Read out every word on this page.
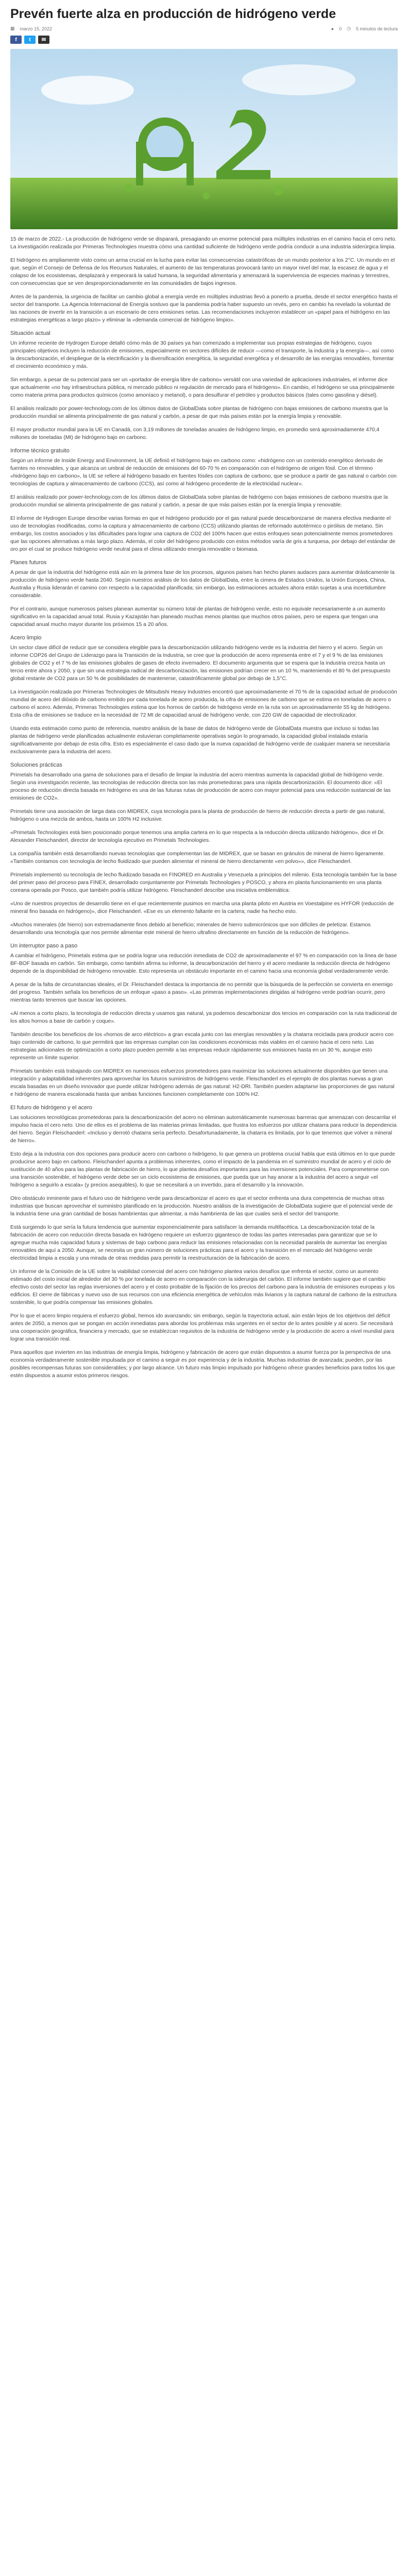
Prevén fuerte alza en producción de hidrógeno verde
▦ marzo 15, 2022	● 0 ◷ 5 minutos de lectura
f	t	✉

15 de marzo de 2022.- La producción de hidrógeno verde se disparará, presagiando un enorme potencial para múltiples industrias en el camino hacia el cero neto. La investigación realizada por Primeras Technologies muestra cómo una cantidad suficiente de hidrógeno verde podría conducir a una industria siderúrgica limpia.

El hidrógeno es ampliamente visto como un arma crucial en la lucha para evitar las consecuencias catastróficas de un mundo posterior a los 2°C. Un mundo en el que, según el Consejo de Defensa de los Recursos Naturales, el aumento de las temperaturas provocará tanto un mayor nivel del mar, la escasez de agua y el colapso de los ecosistemas, desplazará y empeorará la salud humana, la seguridad alimentaria y amenazará la supervivencia de especies marinas y terrestres, con consecuencias que se ven desproporcionadamente en las comunidades de bajos ingresos.

Antes de la pandemia, la urgencia de facilitar un cambio global a energía verde en múltiples industrias llevó a ponerlo a prueba, desde el sector energético hasta el sector del transporte. La Agencia Internacional de Energía sostuvo que la pandemia podría haber supuesto un revés, pero en cambio ha revelado la voluntad de las naciones de invertir en la transición a un escenario de cero emisiones netas. Las recomendaciones incluyeron establecer un «papel para el hidrógeno en las estrategias energéticas a largo plazo» y eliminar la «demanda comercial de hidrógeno limpio».

Situación actual

Un informe reciente de Hydrogen Europe detalló cómo más de 30 países ya han comenzado a implementar sus propias estrategias de hidrógeno, cuyos principales objetivos incluyen la reducción de emisiones, especialmente en sectores difíciles de reducir —como el transporte, la industria y la energía—, así como la descarbonización, el despliegue de la electrificación y la diversificación energética, la seguridad energética y el desarrollo de las energías renovables, fomentar el crecimiento económico y más.

Sin embargo, a pesar de su potencial para ser un «portador de energía libre de carbono» versátil con una variedad de aplicaciones industriales, el informe dice que actualmente «no hay infraestructura pública, ni mercado público ni regulación de mercado para el hidrógeno». En cambio, el hidrógeno se usa principalmente como materia prima para productos químicos (como amoníaco y metanol), o para desulfurar el petróleo y productos básicos (tales como gasolina y diésel).

El análisis realizado por power-technology.com de los últimos datos de GlobalData sobre plantas de hidrógeno con bajas emisiones de carbono muestra que la producción mundial se alimenta principalmente de gas natural y carbón, a pesar de que más países están por la energía limpia y renovable.

El mayor productor mundial para la UE en Canadá, con 3,19 millones de toneladas anuales de hidrógeno limpio, en promedio será aproximadamente 470,4 millones de toneladas (Mt) de hidrógeno bajo en carbono.

Informe técnico gratuito

Según un informe de Inside Energy and Environment, la UE definió el hidrógeno bajo en carbono como: «hidrógeno con un contenido energético derivado de fuentes no renovables, y que alcanza un umbral de reducción de emisiones del 60-70 % en comparación con el hidrógeno de origen fósil. Con el término «hidrógeno bajo en carbono», la UE se refiere al hidrógeno basado en fuentes fósiles con captura de carbono, que se produce a partir de gas natural o carbón con tecnologías de captura y almacenamiento de carbono (CCS), así como al hidrógeno procedente de la electricidad nuclear».

El análisis realizado por power-technology.com de los últimos datos de GlobalData sobre plantas de hidrógeno con bajas emisiones de carbono muestra que la producción mundial se alimenta principalmente de gas natural y carbón, a pesar de que más países están por la energía limpia y renovable.

El informe de Hydrogen Europe describe varias formas en que el hidrógeno producido por el gas natural puede descarbonizarse de manera efectiva mediante el uso de tecnologías modificadas, como la captura y almacenamiento de carbono (CCS) utilizando plantas de reformado autotérmico o pirólisis de metano. Sin embargo, los costos asociados y las dificultades para lograr una captura de CO2 del 100% hacen que estos enfoques sean potencialmente menos prometedores que las opciones alternativas a más largo plazo. Además, el color del hidrógeno producido con estos métodos varía de gris a turquesa, por debajo del estándar de oro por el cual se produce hidrógeno verde neutral para el clima utilizando energía renovable o biomasa.

Planes futuros

A pesar de que la industria del hidrógeno está aún en la primera fase de los procesos, algunos países han hecho planes audaces para aumentar drásticamente la producción de hidrógeno verde hasta 2040. Según nuestros análisis de los datos de GlobalData, entre la cimera de Estados Unidos, la Unión Europea, China, Australia y Rusia liderarán el camino con respecto a la capacidad planificada; sin embargo, las estimaciones actuales ahora están sujetas a una incertidumbre considerable.

Por el contrario, aunque numerosos países planean aumentar su número total de plantas de hidrógeno verde, esto no equivale necesariamente a un aumento significativo en la capacidad anual total. Rusia y Kazajstán han planeado muchas menos plantas que muchos otros países, pero se espera que tengan una capacidad anual mucho mayor durante los próximos 15 a 20 años.

Acero limpio

Un sector clave difícil de reducir que se considera elegible para la descarbonización utilizando hidrógeno verde es la industria del hierro y el acero. Según un informe COP26 del Grupo de Liderazgo para la Transición de la Industria, se cree que la producción de acero representa entre el 7 y el 9 % de las emisiones globales de CO2 y el 7 % de las emisiones globales de gases de efecto invernadero. El documento argumenta que se espera que la industria crezca hasta un tercio entre ahora y 2050, y que sin una estrategia radical de descarbonización, las emisiones podrían crecer en un 10 %, manteniendo el 80 % del presupuesto global restante de CO2 para un 50 % de posibilidades de mantenerse, catastróficamente global por debajo de 1,5°C.

La investigación realizada por Primeras Technologies de Mitsubishi Heavy Industries encontró que aproximadamente el 70 % de la capacidad actual de producción mundial de acero del dióxido de carbono emitido por cada tonelada de acero producida, la cifra de emisiones de carbono que se estima en toneladas de acero o carbono el acero. Además, Primeras Technologies estima que los hornos de carbón de hidrógeno verde en la ruta son un aproximadamente 55 kg de hidrógeno. Esta cifra de emisiones se traduce en la necesidad de 72 Mt de capacidad anual de hidrógeno verde, con 220 GW de capacidad de electrolizador.

Usando esta estimación como punto de referencia, nuestro análisis de la base de datos de hidrógeno verde de GlobalData muestra que incluso si todas las plantas de hidrógeno verde planificadas actualmente estuvieran completamente operativas según lo programado, la capacidad global instalada estaría significativamente por debajo de esta cifra. Esto es especialmente el caso dado que la nueva capacidad de hidrógeno verde de cualquier manera se necesitaría exclusivamente para la industria del acero.

Soluciones prácticas

Primetals ha desarrollado una gama de soluciones para el desafío de limpiar la industria del acero mientras aumenta la capacidad global de hidrógeno verde. Según una investigación reciente, las tecnologías de reducción directa son las más prometedoras para una rápida descarbonización. El documento dice: «El proceso de reducción directa basada en hidrógeno es una de las futuras rutas de producción de acero con mayor potencial para una reducción sustancial de las emisiones de CO2».

Primetals tiene una asociación de larga data con MIDREX, cuya tecnología para la planta de producción de hierro de reducción directa a partir de gas natural, hidrógeno o una mezcla de ambos, hasta un 100% H2 inclusive.

«Primetals Technologies está bien posicionado porque tenemos una amplia cartera en lo que respecta a la reducción directa utilizando hidrógeno», dice el Dr. Alexander Fleischanderl, director de tecnología ejecutivo en Primetals Technologies.

La compañía también está desarrollando nuevas tecnologías que complementan las de MIDREX, que se basan en gránulos de mineral de hierro ligeramente. «También contamos con tecnología de lecho fluidizado que pueden alimentar el mineral de hierro directamente «en polvo»», dice Fleischanderl.

Primetals implementó su tecnología de lecho fluidizado basada en FINORED en Australia y Venezuela a principios del milenio. Esta tecnología también fue la base del primer paso del proceso para FINEX, desarrollado conjuntamente por Primetals Technologies y POSCO, y ahora en planta funcionamiento en una planta coreana operada por Posco, que también podría utilizar hidrógeno. Fleischanderl describe una iniciativa emblemática:

«Uno de nuestros proyectos de desarrollo tiene en el que recientemente pusimos en marcha una planta piloto en Austria en Voestalpine es HYFOR (reducción de mineral fino basada en hidrógeno)», dice Fleischanderl. «Ese es un elemento faltante en la cartera; nadie ha hecho esto.

«Muchos minerales (de hierro) son extremadamente finos debido al beneficio; minerales de hierro submicrónicos que son difíciles de peletizar. Estamos desarrollando una tecnología que nos permite alimentar este mineral de hierro ultrafino directamente en función de la reducción de hidrógeno».

Un interruptor paso a paso

A cambiar el hidrógeno, Primetals estima que se podría lograr una reducción inmediata de CO2 de aproximadamente el 97 % en comparación con la línea de base BF-BOF basada en carbón. Sin embargo, como también afirma su informe, la descarbonización del hierro y el acero mediante la reducción directa de hidrógeno depende de la disponibilidad de hidrógeno renovable. Esto representa un obstáculo importante en el camino hacia una economía global verdaderamente verde.

A pesar de la falta de circunstancias ideales, el Dr. Fleischanderl destaca la importancia de no permitir que la búsqueda de la perfección se convierta en enemigo del progreso. También señala los beneficios de un enfoque «paso a paso». «Las primeras implementaciones dirigidas al hidrógeno verde podrían ocurrir, pero mientras tanto tenemos que buscar las opciones.

«Al menos a corto plazo, la tecnología de reducción directa y usamos gas natural, ya podemos descarbonizar dos tercios en comparación con la ruta tradicional de los altos hornos a base de carbón y coque».

También describe los beneficios de los «hornos de arco eléctrico» a gran escala junto con las energías renovables y la chatarra reciclada para producir acero con bajo contenido de carbono, lo que permitirá que las empresas cumplan con las condiciones económicas más viables en el camino hacia el cero neto. Las estrategias adicionales de optimización a corto plazo pueden permitir a las empresas reducir rápidamente sus emisiones hasta en un 30 %, aunque esto represente un límite superior.

Primetals también está trabajando con MIDREX en numerosos esfuerzos prometedores para maximizar las soluciones actualmente disponibles que tienen una integración y adaptabilidad inherentes para aprovechar los futuros suministros de hidrógeno verde. Fleischanderl es el ejemplo de dos plantas nuevas a gran escala basadas en un diseño innovador que puede utilizar hidrógeno además de gas natural: H2-DRI. También pueden adaptarse las proporciones de gas natural e hidrógeno de manera escalonada hasta que ambas funciones funcionen completamente con 100% H2.

El futuro de hidrógeno y el acero

Las soluciones tecnológicas prometedoras para la descarbonización del acero no eliminan automáticamente numerosas barreras que amenazan con descarrilar el impulso hacia el cero neto. Uno de ellos es el problema de las materias primas limitadas, que frustra los esfuerzos por utilizar chatarra para reducir la dependencia del hierro. Según Fleischanderl: «Incluso y derrotó chatarra sería perfecto. Desafortunadamente, la chatarra es limitada, por lo que tenemos que volver a mineral de hierro».

Esto deja a la industria con dos opciones para producir acero con carbono o hidrógeno, lo que genera un problema crucial habla que está últimos en lo que puede producirse acero bajo en carbono. Fleischanderl apunta a problemas inherentes, como el impacto de la pandemia en el suministro mundial de acero y el ciclo de sustitución de 40 años para las plantas de fabricación de hierro, lo que plantea desafíos importantes para las inversiones potenciales. Para comprometerse con una transición sostenible, el hidrógeno verde debe ser un ciclo ecosistema de emisiones, que pueda que un hay anorar a la industria del acero a seguir «el hidrógeno a seguirlo a escala» (y precios asequibles), lo que se necesitará a un invertido, para el desarrollo y la innovación.

Otro obstáculo inminente para el futuro uso de hidrógeno verde para descarbonizar el acero es que el sector enfrenta una dura competencia de muchas otras industrias que buscan aprovechar el suministro planificado en la producción. Nuestro análisis de la investigación de GlobalData sugiere que el potencial verde de la industria tiene una gran cantidad de bosas hambrientas que alimentar, a más hambrienta de las que cuales será el sector del transporte.

Está surgiendo lo que sería la futura tendencia que aumentar exponencialmente para satisfacer la demanda multifacética. La descarbonización total de la fabricación de acero con reducción directa basada en hidrógeno requiere un esfuerzo gigantesco de todas las partes interesadas para garantizar que se lo agregue mucha más capacidad futura y sistemas de bajo carbono para reducir las emisiones relacionadas con la necesidad paralela de aumentar las energías renovables de aquí a 2050. Aunque, se necesita un gran número de soluciones prácticas para el acero y la transición en el mercado del hidrógeno verde electricidad limpia a escala y una mirada de otras medidas para permitir la reestructuración de la fabricación de acero.

Un informe de la Comisión de la UE sobre la viabilidad comercial del acero con hidrógeno plantea varios desafíos que enfrenta el sector, como un aumento estimado del costo inicial de alrededor del 30 % por tonelada de acero en comparación con la siderurgia del carbón. El informe también sugiere que el cambio efectivo costo del sector las reglas inversiones del acero y el costo probable de la fijación de los precios del carbono para la industria de emisiones europeas y los edificios. El cierre de fábricas y nuevo uso de sus recursos con una eficiencia energética de vehículos más livianos y la captura natural de carbono de la estructura sostenible, lo que podría compensar las emisiones globales.

Por lo que el acero limpio requiera el esfuerzo global, hemos ido avanzando; sin embargo, según la trayectoria actual, aún están lejos de los objetivos del déficit antes de 2050, a menos que se pongan en acción inmediatas para abordar los problemas más urgentes en el sector de lo antes posible y al acero. Se necesitará una cooperación geográfica, financiera y mercado, que se establezcan requisitos de la industria de hidrógeno verde y la producción de acero a nivel mundial para lograr una transición real.

Para aquellos que invierten en las industrias de energía limpia, hidrógeno y fabricación de acero que están dispuestos a asumir fuerza por la perspectiva de una economía verdaderamente sostenible impulsada por el camino a seguir es por experiencia y de la industria. Muchas industrias de avanzada; pueden, por las posibles recompensas futuras son considerables; y por largo alcance. Un futuro más limpio impulsado por hidrógeno ofrece grandes beneficios para todos los que estén dispuestos a asumir estos primeros riesgos.
